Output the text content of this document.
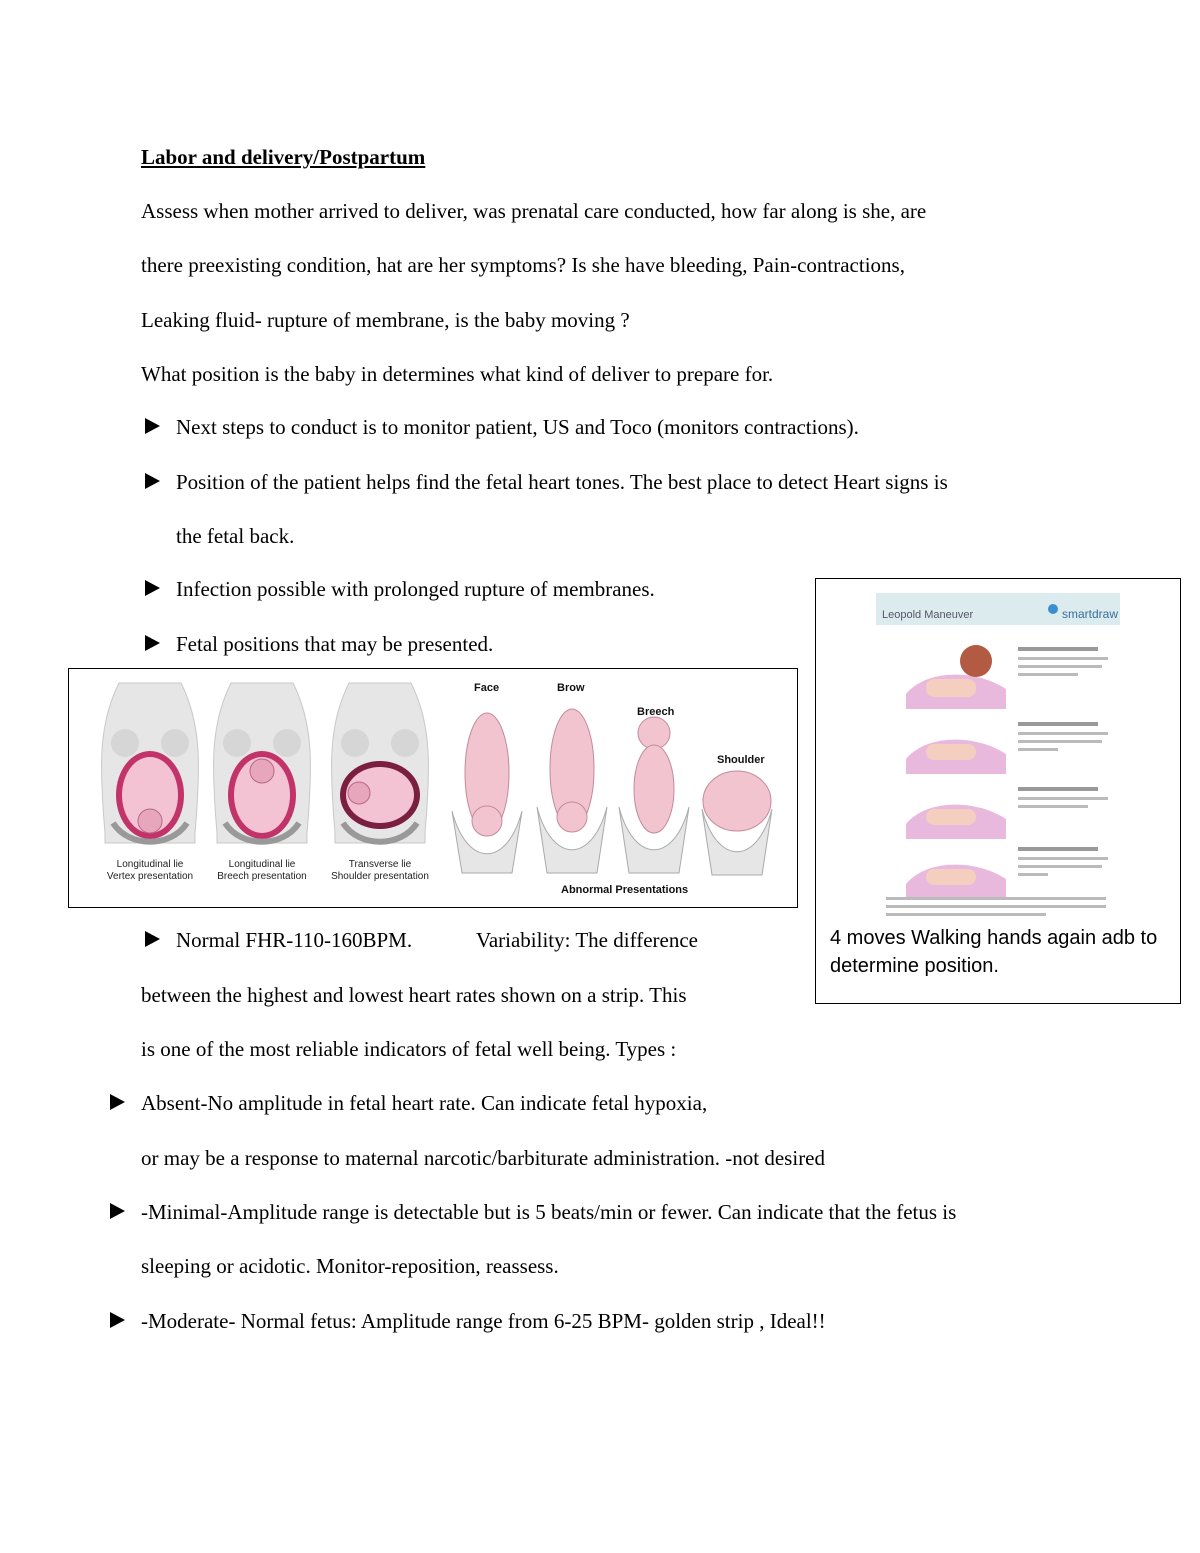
Labor and delivery/Postpartum
Assess when mother arrived to deliver, was prenatal care conducted, how far along is she, are
there preexisting condition, hat are her symptoms? Is she have bleeding, Pain-contractions,
Leaking fluid- rupture of membrane, is the baby moving ?
What position is the baby in determines what kind of deliver to prepare for.
Next steps to conduct is to monitor patient, US and Toco (monitors contractions).
Position of the patient helps find the fetal heart tones. The best place to detect Heart signs is
the fetal back.
Infection possible with prolonged rupture of membranes.
Fetal positions that may be presented.
Longitudinal lie
Vertex presentation
Longitudinal lie
Breech presentation
Transverse lie
Shoulder presentation
Face	Brow
Breech
Shoulder
Abnormal Presentations
Leopold Maneuver	smartdraw
4 moves Walking hands again adb to determine position.
Normal FHR-110-160BPM.	Variability: The difference
between the highest and lowest heart rates shown on a strip. This
is one of the most reliable indicators of fetal well being. Types :
Absent-No amplitude in fetal heart rate. Can indicate fetal hypoxia,
or may be a response to maternal narcotic/barbiturate administration. -not desired
-Minimal-Amplitude range is detectable but is 5 beats/min or fewer. Can indicate that the fetus is
sleeping or acidotic. Monitor-reposition, reassess.
-Moderate- Normal fetus: Amplitude range from 6-25 BPM- golden strip , Ideal!!
